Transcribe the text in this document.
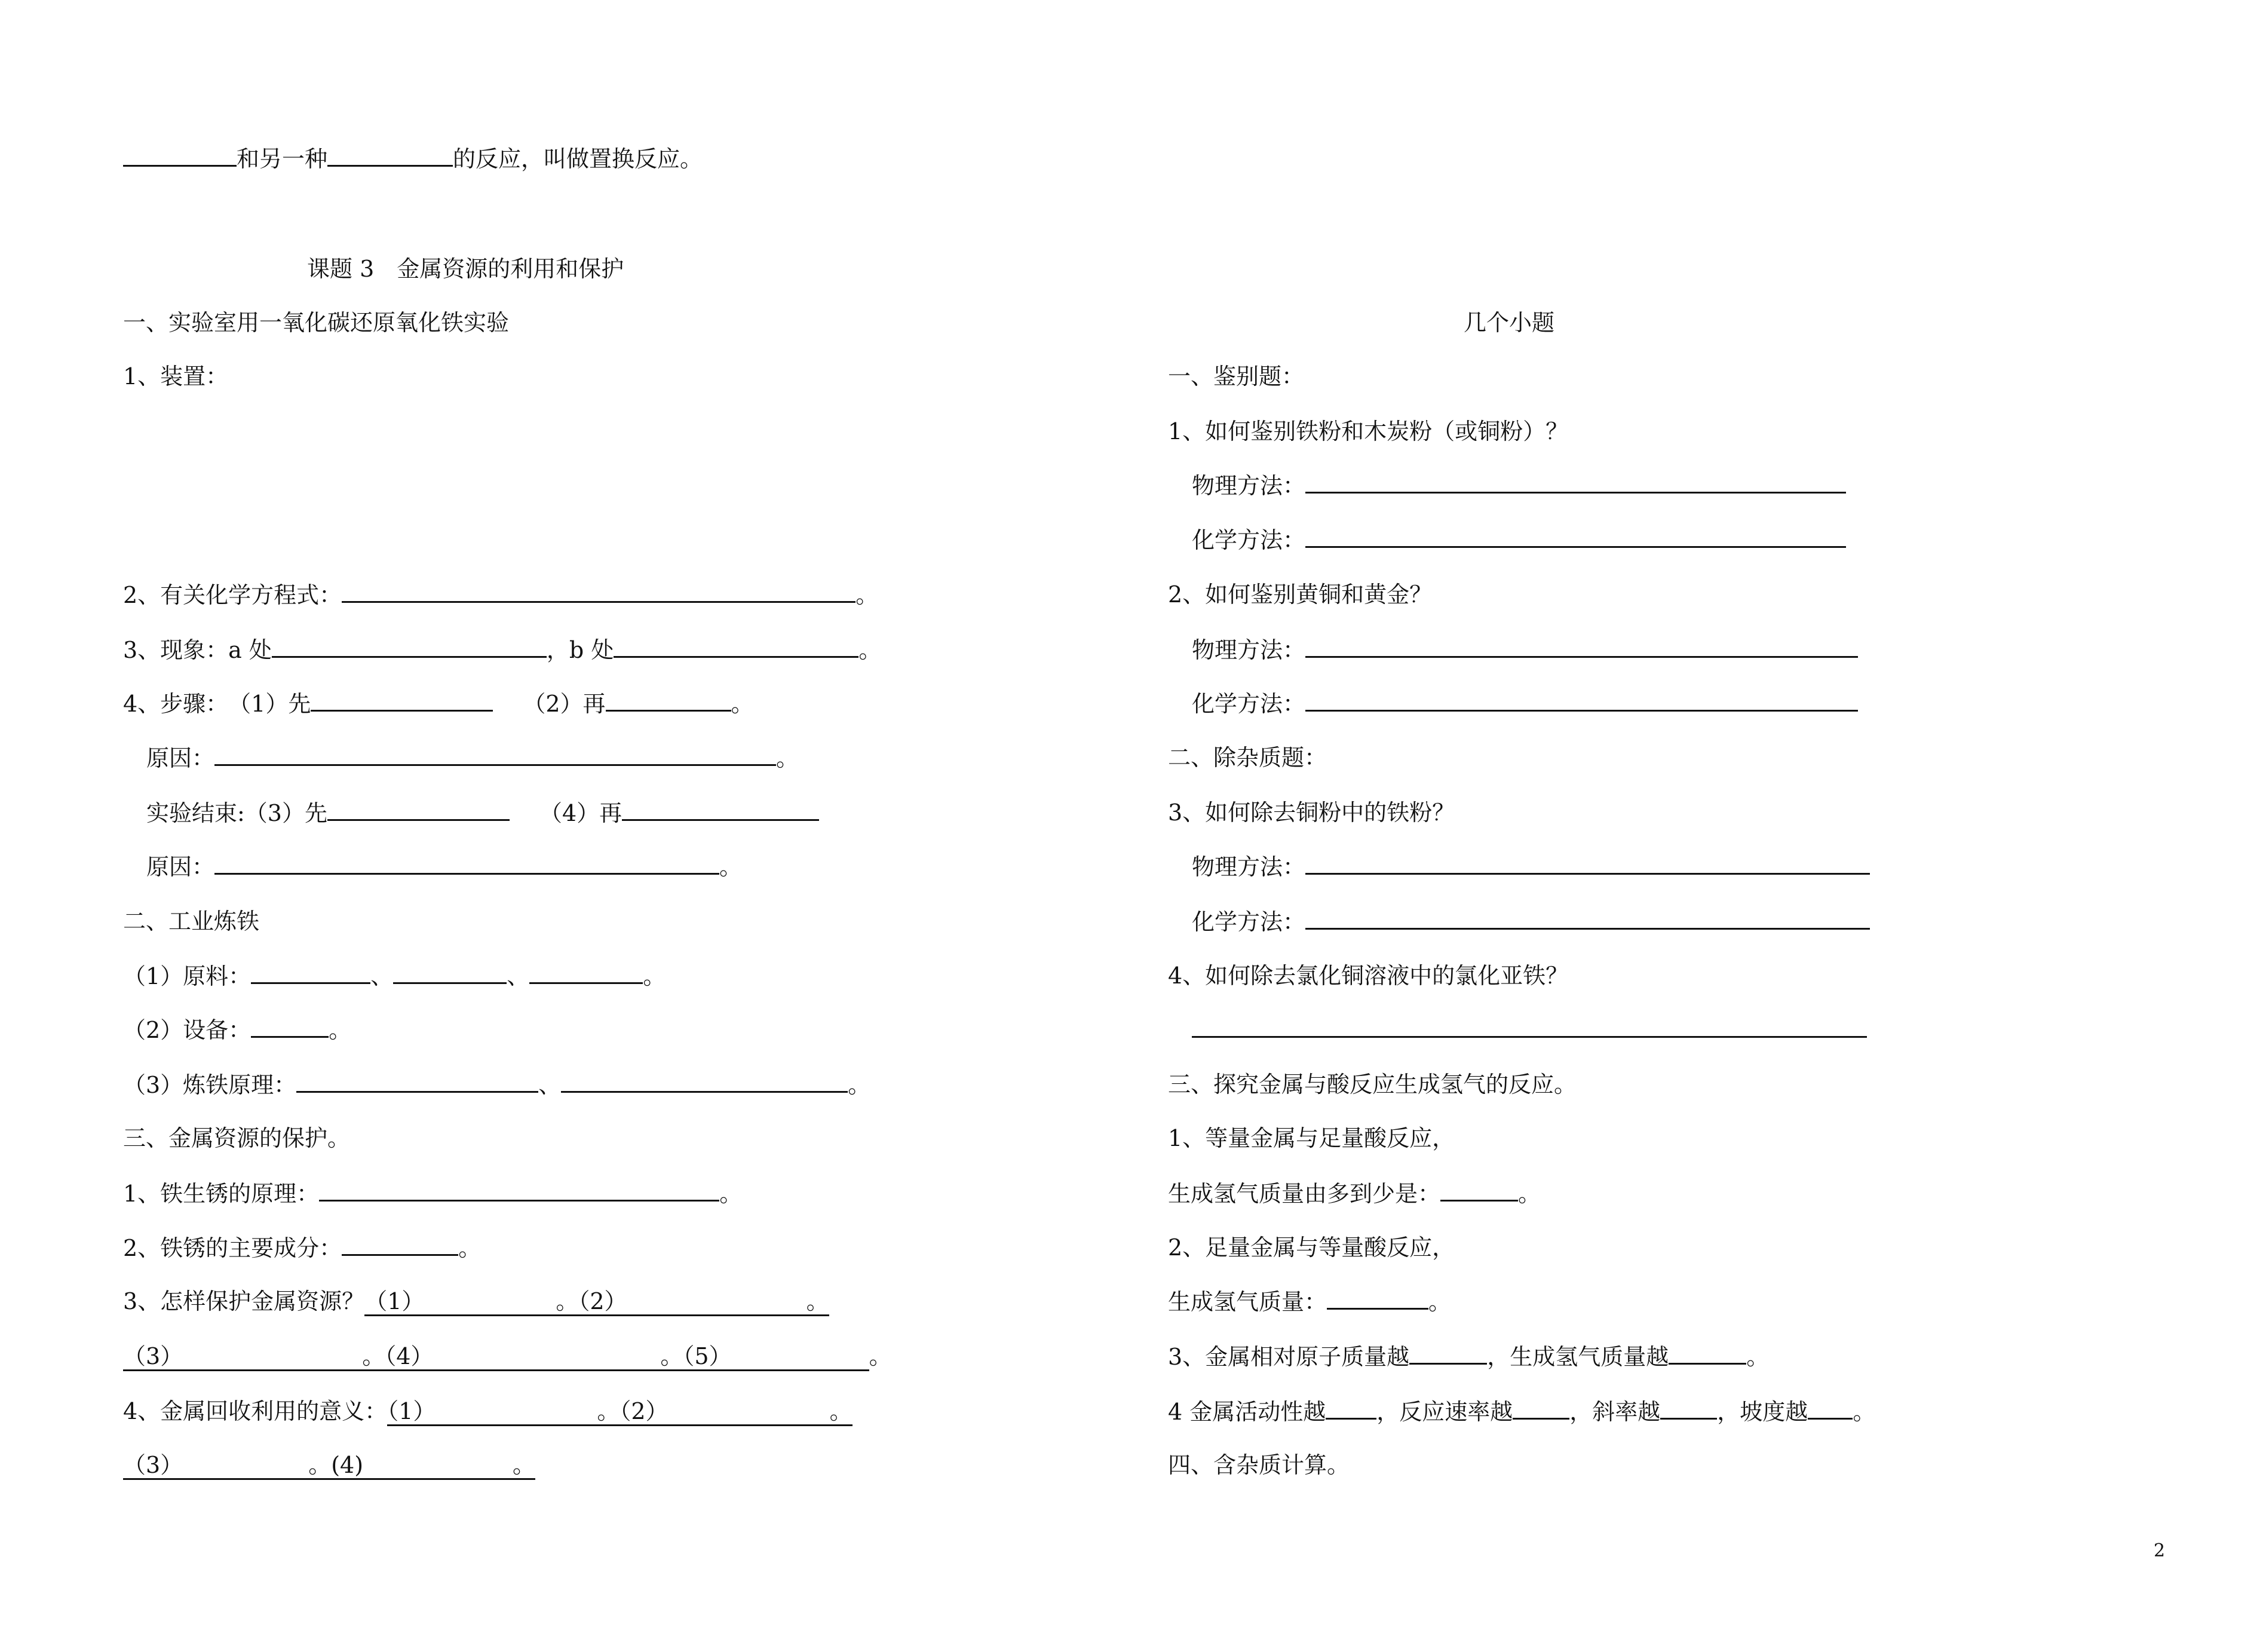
和另一种	的反应，叫做置换反应。
课题 3　金属资源的利用和保护
一、实验室用一氧化碳还原氧化铁实验
1、装置：
2、有关化学方程式：	。
3、现象：a 处	，b 处	。
4、步骤：　（1）先	（2）再	。
原因：	。
实验结束:（3）先	（4）再
原因：	。
二、工业炼铁
（1）原料：	、	、	。
（2）设备：	。
（3）炼铁原理：	、	。
三、金属资源的保护。
1、铁生锈的原理：	。
2、铁锈的主要成分：	。
3、怎样保护金属资源？（1）	。（2）	。
（3）	。（4）	。（5）	。
4、金属回收利用的意义：（1）	。（2）	。
（3）	。(4)	。
几个小题
一、鉴别题：
1、如何鉴别铁粉和木炭粉（或铜粉）？
物理方法：
化学方法：
2、如何鉴别黄铜和黄金？
物理方法：
化学方法：
二、除杂质题：
3、如何除去铜粉中的铁粉？
物理方法：
化学方法：
4、如何除去氯化铜溶液中的氯化亚铁？
三、探究金属与酸反应生成氢气的反应。
1、等量金属与足量酸反应，
生成氢气质量由多到少是：	。
2、足量金属与等量酸反应，
生成氢气质量：	。
3、金属相对原子质量越	，生成氢气质量越	。
4 金属活动性越 ，反应速率越	，斜率越	，坡度越 。
四、含杂质计算。
2
